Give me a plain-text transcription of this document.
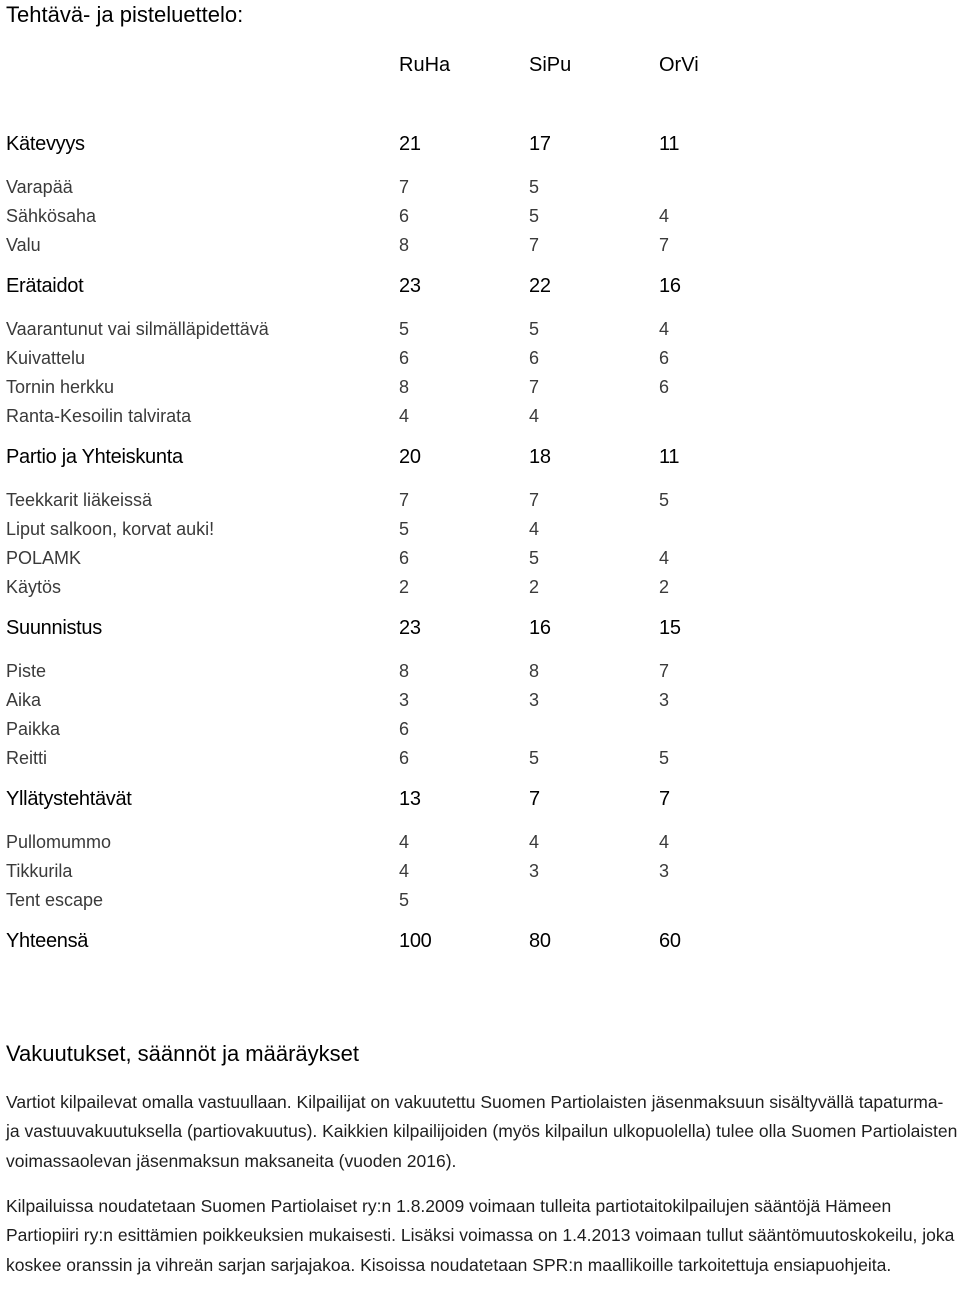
Tehtävä- ja pisteluettelo:
RuHa	SiPu	OrVi
Kätevyys	21	17	11
Varapää	7	5
Sähkösaha	6	5	4
Valu	8	7	7
Erätaidot	23	22	16
Vaarantunut vai silmälläpidettävä	5	5	4
Kuivattelu	6	6	6
Tornin herkku	8	7	6
Ranta-Kesoilin talvirata	4	4
Partio ja Yhteiskunta	20	18	11
Teekkarit liäkeissä	7	7	5
Liput salkoon, korvat auki!	5	4
POLAMK	6	5	4
Käytös	2	2	2
Suunnistus	23	16	15
Piste	8	8	7
Aika	3	3	3
Paikka	6
Reitti	6	5	5
Yllätystehtävät	13	7	7
Pullomummo	4	4	4
Tikkurila	4	3	3
Tent escape	5
Yhteensä	100	80	60
Vakuutukset, säännöt ja määräykset
Vartiot kilpailevat omalla vastuullaan. Kilpailijat on vakuutettu Suomen Partiolaisten jäsenmaksuun sisältyvällä tapaturma- ja vastuuvakuutuksella (partiovakuutus). Kaikkien kilpailijoiden (myös kilpailun ulkopuolella) tulee olla Suomen Partiolaisten voimassaolevan jäsenmaksun maksaneita (vuoden 2016).
Kilpailuissa noudatetaan Suomen Partiolaiset ry:n 1.8.2009 voimaan tulleita partiotaitokilpailujen sääntöjä Hämeen Partiopiiri ry:n esittämien poikkeuksien mukaisesti. Lisäksi voimassa on 1.4.2013 voimaan tullut sääntömuutoskokeilu, joka koskee oranssin ja vihreän sarjan sarjajakoa. Kisoissa noudatetaan SPR:n maallikoille tarkoitettuja ensiapuohjeita.
